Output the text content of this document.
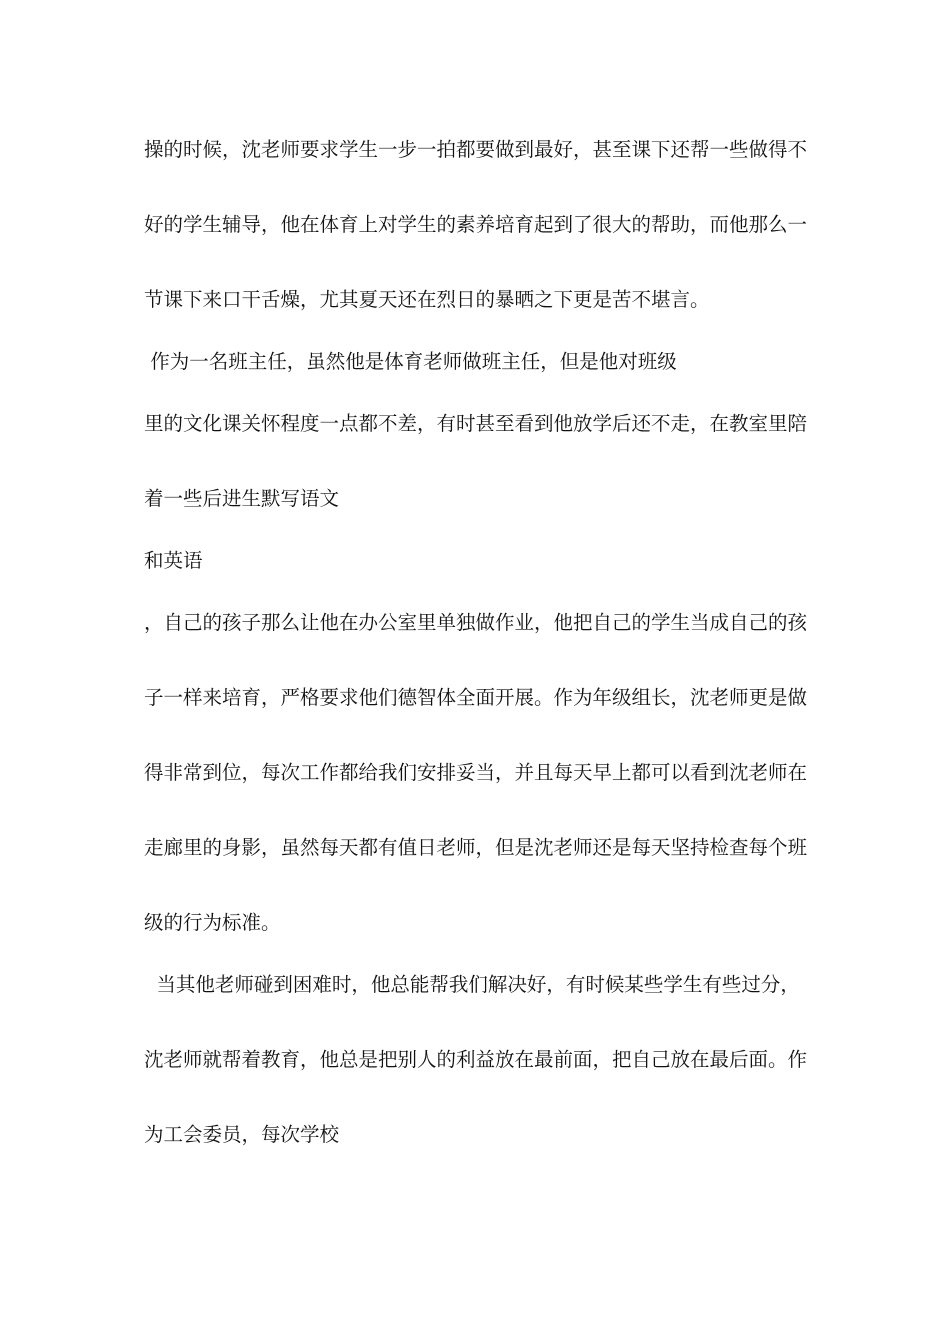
操的时候，沈老师要求学生一步一拍都要做到最好，甚至课下还帮一些做得不
好的学生辅导，他在体育上对学生的素养培育起到了很大的帮助，而他那么一
节课下来口干舌燥，尤其夏天还在烈日的暴晒之下更是苦不堪言。
作为一名班主任，虽然他是体育老师做班主任，但是他对班级
里的文化课关怀程度一点都不差，有时甚至看到他放学后还不走，在教室里陪
着一些后进生默写语文
和英语
，自己的孩子那么让他在办公室里单独做作业，他把自己的学生当成自己的孩
子一样来培育，严格要求他们德智体全面开展。作为年级组长，沈老师更是做
得非常到位，每次工作都给我们安排妥当，并且每天早上都可以看到沈老师在
走廊里的身影，虽然每天都有值日老师，但是沈老师还是每天坚持检查每个班
级的行为标准。
当其他老师碰到困难时，他总能帮我们解决好，有时候某些学生有些过分，
沈老师就帮着教育，他总是把别人的利益放在最前面，把自己放在最后面。作
为工会委员，每次学校
